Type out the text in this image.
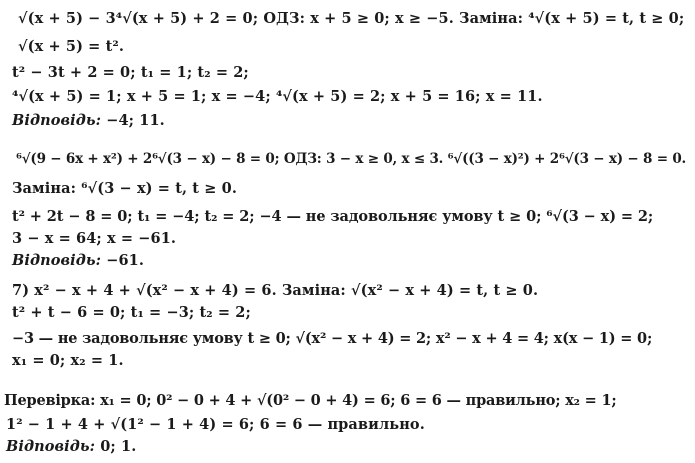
√(x + 5) − 3⁴√(x + 5) + 2 = 0; ОДЗ: x + 5 ≥ 0; x ≥ −5. Заміна: ⁴√(x + 5) = t, t ≥ 0;
√(x + 5) = t².
t² − 3t + 2 = 0; t₁ = 1; t₂ = 2;
⁴√(x + 5) = 1; x + 5 = 1; x = −4; ⁴√(x + 5) = 2; x + 5 = 16; x = 11.
Відповідь: −4; 11.
⁶√(9 − 6x + x²) + 2⁶√(3 − x) − 8 = 0; ОДЗ: 3 − x ≥ 0, x ≤ 3. ⁶√((3 − x)²) + 2⁶√(3 − x) − 8 = 0.
Заміна: ⁶√(3 − x) = t, t ≥ 0.
t² + 2t − 8 = 0; t₁ = −4; t₂ = 2; −4 — не задовольняє умову t ≥ 0; ⁶√(3 − x) = 2;
3 − x = 64; x = −61.
Відповідь: −61.
7) x² − x + 4 + √(x² − x + 4) = 6. Заміна: √(x² − x + 4) = t, t ≥ 0.
t² + t − 6 = 0; t₁ = −3; t₂ = 2;
−3 — не задовольняє умову t ≥ 0; √(x² − x + 4) = 2; x² − x + 4 = 4; x(x − 1) = 0;
x₁ = 0; x₂ = 1.
Перевірка: x₁ = 0; 0² − 0 + 4 + √(0² − 0 + 4) = 6; 6 = 6 — правильно; x₂ = 1;
1² − 1 + 4 + √(1² − 1 + 4) = 6; 6 = 6 — правильно.
Відповідь: 0; 1.
